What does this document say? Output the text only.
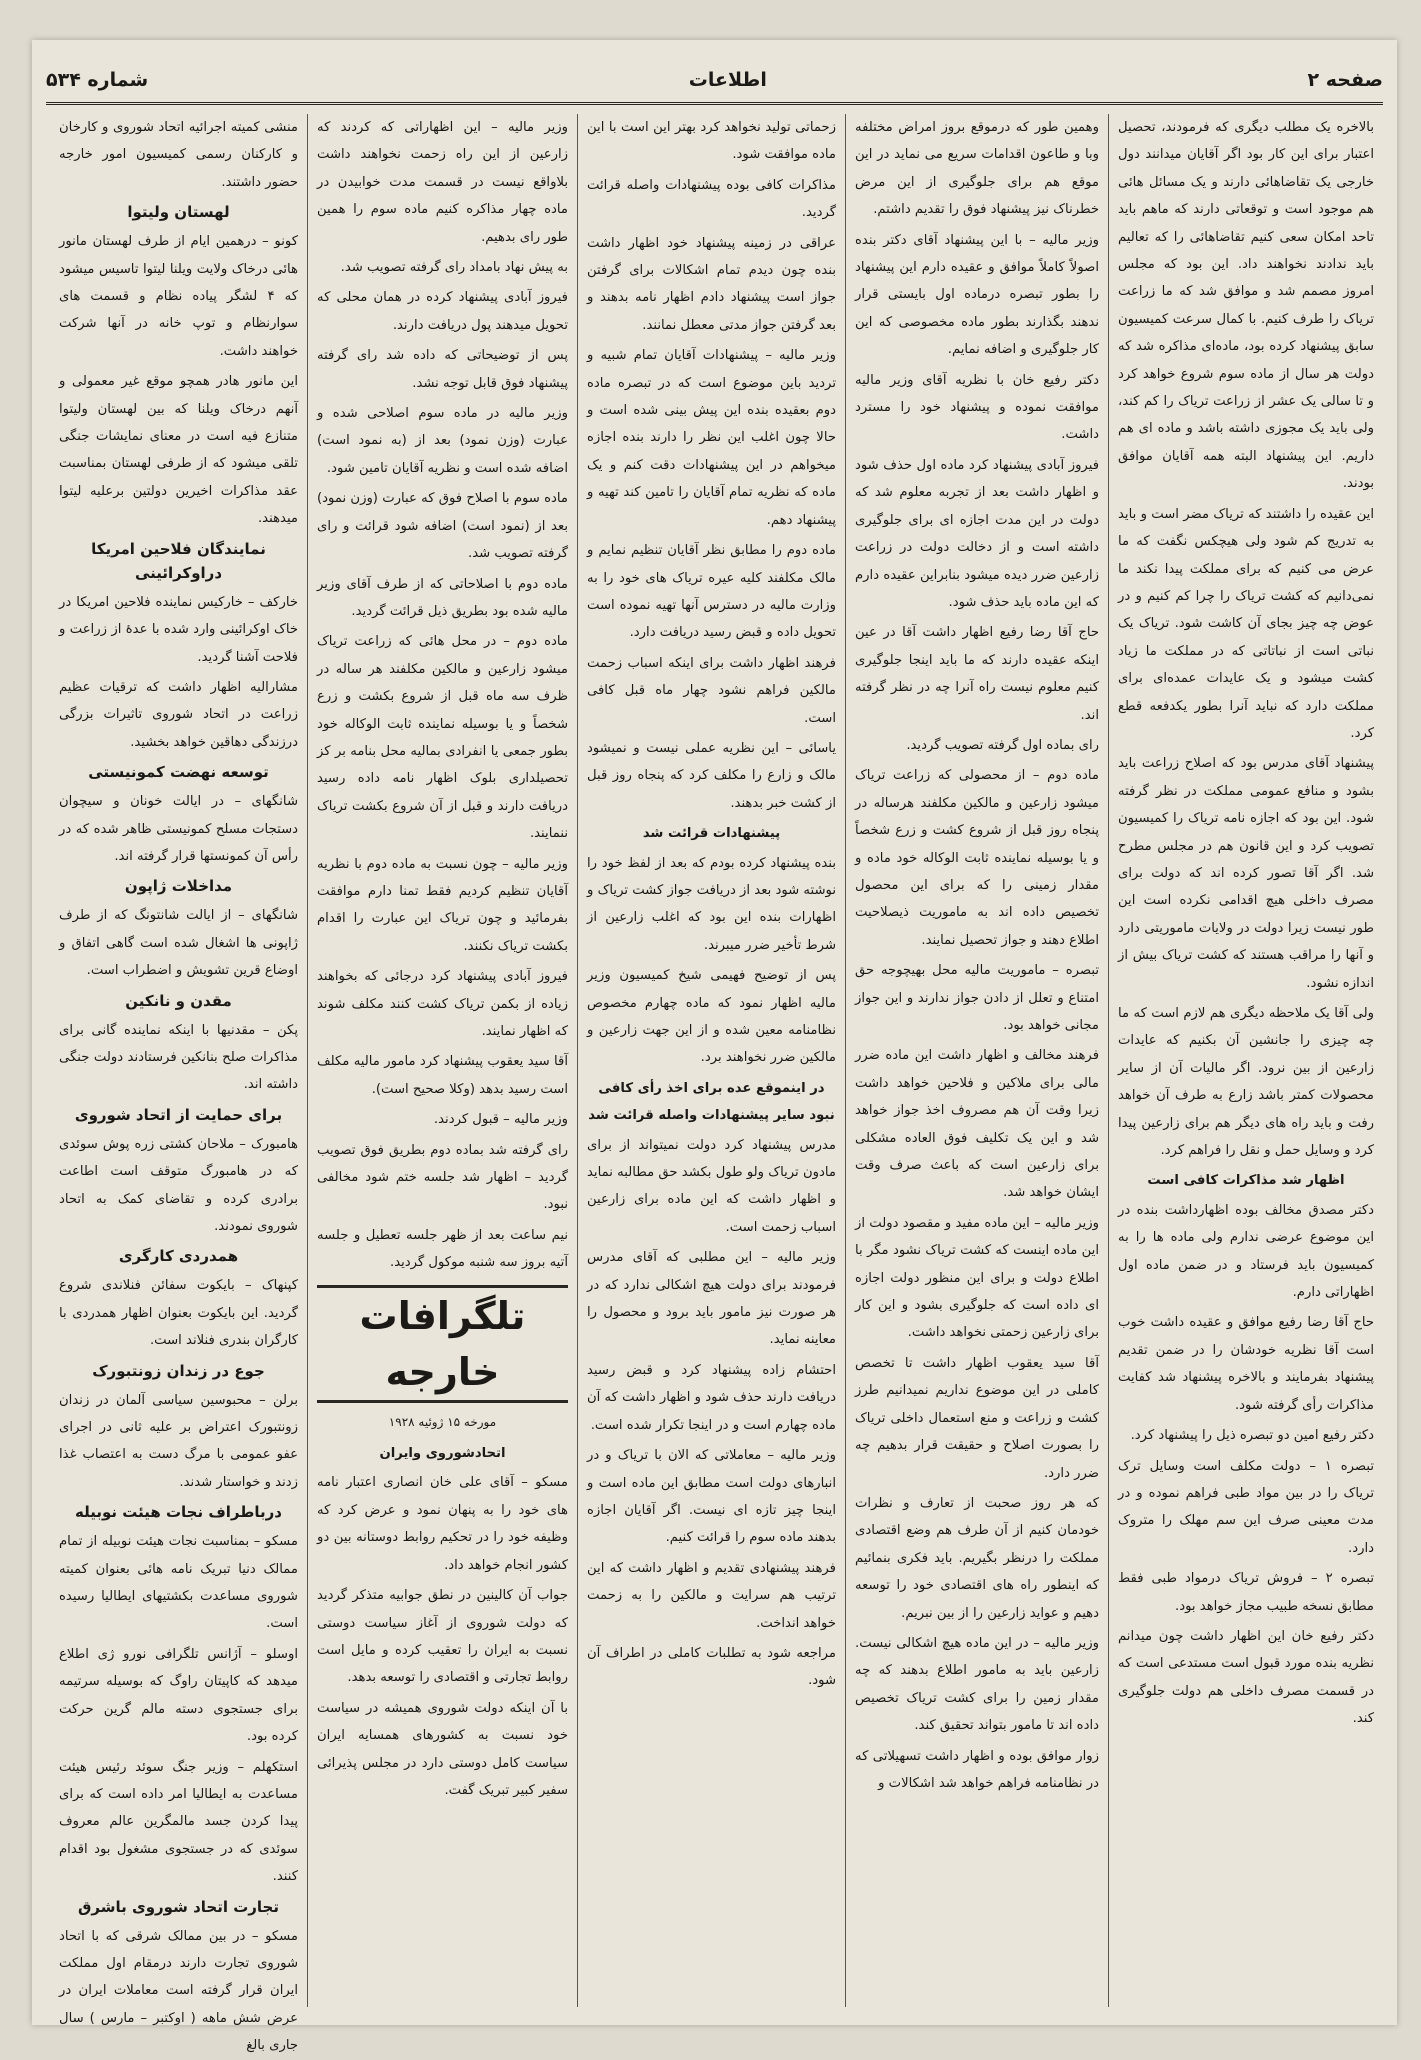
صفحه ۲
اطلاعات
شماره ۵۳۴

بالاخره یک مطلب دیگری که فرمودند، تحصیل اعتبار برای این کار بود اگر آقایان میدانند دول خارجی یک تقاضاهائی دارند و یک مسائل هائی هم موجود است و توقعاتی دارند که ماهم باید تاحد امکان سعی کنیم تقاضاهائی را که تعالیم باید ندادند نخواهند داد. این بود که مجلس امروز مصمم شد و موافق شد که ما زراعت تریاک را طرف کنیم. با کمال سرعت کمیسیون سابق پیشنهاد کرده بود، ماده‌ای مذاکره شد که دولت هر سال از ماده سوم شروع خواهد کرد و تا سالی یک عشر از زراعت تریاک را کم کند، ولی باید یک مجوزی داشته باشد و ماده ای هم داریم. این پیشنهاد البته همه آقایان موافق بودند.

این عقیده را داشتند که تریاک مضر است و باید به تدریج کم شود ولی هیچکس نگفت که ما عرض می کنیم که برای مملکت پیدا نکند ما نمی‌دانیم که کشت تریاک را چرا کم کنیم و در عوض چه چیز بجای آن کاشت شود. تریاک یک نباتی است از نباتاتی که در مملکت ما زیاد کشت میشود و یک عایدات عمده‌ای برای مملکت دارد که نباید آنرا بطور یکدفعه قطع کرد.

پیشنهاد آقای مدرس بود که اصلاح زراعت باید بشود و منافع عمومی مملکت در نظر گرفته شود. این بود که اجازه نامه تریاک را کمیسیون تصویب کرد و این قانون هم در مجلس مطرح شد. اگر آقا تصور کرده اند که دولت برای مصرف داخلی هیچ اقدامی نکرده است این طور نیست زیرا دولت در ولایات ماموریتی دارد و آنها را مراقب هستند که کشت تریاک بیش از اندازه نشود.

ولی آقا یک ملاحظه دیگری هم لازم است که ما چه چیزی را جانشین آن بکنیم که عایدات زارعین از بین نرود. اگر مالیات آن از سایر محصولات کمتر باشد زارع به طرف آن خواهد رفت و باید راه های دیگر هم برای زارعین پیدا کرد و وسایل حمل و نقل را فراهم کرد.

اظهار شد مذاکرات کافی است

دکتر مصدق مخالف بوده اظهارداشت بنده در این موضوع عرضی ندارم ولی ماده ها را به کمیسیون باید فرستاد و در ضمن ماده اول اظهاراتی دارم.

حاج آقا رضا رفیع موافق و عقیده داشت خوب است آقا نظریه خودشان را در ضمن تقدیم پیشنهاد بفرمایند و بالاخره پیشنهاد شد کفایت مذاکرات رأی گرفته شود.

دکتر رفیع امین دو تبصره ذیل را پیشنهاد کرد.

تبصره ۱ – دولت مکلف است وسایل ترک تریاک را در بین مواد طبی فراهم نموده و در مدت معینی صرف این سم مهلک را متروک دارد.

تبصره ۲ – فروش تریاک درمواد طبی فقط مطابق نسخه طبیب مجاز خواهد بود.

دکتر رفیع خان این اظهار داشت چون میدانم نظریه بنده مورد قبول است مستدعی است که در قسمت مصرف داخلی هم دولت جلوگیری کند.

وهمین طور که درموقع بروز امراض مختلفه وبا و طاعون اقدامات سریع می نماید در این موقع هم برای جلوگیری از این مرض خطرناک نیز پیشنهاد فوق را تقدیم داشتم.

وزیر مالیه – با این پیشنهاد آقای دکتر بنده اصولاً کاملاً موافق و عقیده دارم این پیشنهاد را بطور تبصره درماده اول بایستی قرار ندهند بگذارند بطور ماده مخصوصی که این کار جلوگیری و اضافه نمایم.

دکتر رفیع خان با نظریه آقای وزیر مالیه موافقت نموده و پیشنهاد خود را مسترد داشت.

فیروز آبادی پیشنهاد کرد ماده اول حذف شود و اظهار داشت بعد از تجربه معلوم شد که دولت در این مدت اجازه ای برای جلوگیری داشته است و از دخالت دولت در زراعت زارعین ضرر دیده میشود بنابراین عقیده دارم که این ماده باید حذف شود.

حاج آقا رضا رفیع اظهار داشت آقا در عین اینکه عقیده دارند که ما باید اینجا جلوگیری کنیم معلوم نیست راه آنرا چه در نظر گرفته اند.

رای بماده اول گرفته تصویب گردید.

ماده دوم – از محصولی که زراعت تریاک میشود زارعین و مالکین مکلفند هرساله در پنجاه روز قبل از شروع کشت و زرع شخصاً و یا بوسیله نماینده ثابت الوکاله خود ماده و مقدار زمینی را که برای این محصول تخصیص داده اند به ماموریت ذیصلاحیت اطلاع دهند و جواز تحصیل نمایند.

تبصره – ماموریت مالیه محل بهیچوجه حق امتناع و تعلل از دادن جواز ندارند و این جواز مجانی خواهد بود.

فرهند مخالف و اظهار داشت این ماده ضرر مالی برای ملاکین و فلاحین خواهد داشت زیرا وقت آن هم مصروف اخذ جواز خواهد شد و این یک تکلیف فوق العاده مشکلی برای زارعین است که باعث صرف وقت ایشان خواهد شد.

وزیر مالیه – این ماده مفید و مقصود دولت از این ماده اینست که کشت تریاک نشود مگر با اطلاع دولت و برای این منظور دولت اجازه ای داده است که جلوگیری بشود و این کار برای زارعین زحمتی نخواهد داشت.

آقا سید یعقوب اظهار داشت تا تخصص کاملی در این موضوع نداریم نمیدانیم طرز کشت و زراعت و منع استعمال داخلی تریاک را بصورت اصلاح و حقیقت قرار بدهیم چه ضرر دارد.

که هر روز صحبت از تعارف و نظرات خودمان کنیم از آن طرف هم وضع اقتصادی مملکت را درنظر بگیریم. باید فکری بنمائیم که اینطور راه های اقتصادی خود را توسعه دهیم و عواید زارعین را از بین نبریم.

وزیر مالیه – در این ماده هیچ اشکالی نیست. زارعین باید به مامور اطلاع بدهند که چه مقدار زمین را برای کشت تریاک تخصیص داده اند تا مامور بتواند تحقیق کند.

زوار موافق بوده و اظهار داشت تسهیلاتی که در نظامنامه فراهم خواهد شد اشکالات و

زحماتی تولید نخواهد کرد بهتر این است با این ماده موافقت شود.

مذاکرات کافی بوده پیشنهادات واصله قرائت گردید.

عراقی در زمینه پیشنهاد خود اظهار داشت بنده چون دیدم تمام اشکالات برای گرفتن جواز است پیشنهاد دادم اظهار نامه بدهند و بعد گرفتن جواز مدتی معطل نمانند.

وزیر مالیه – پیشنهادات آقایان تمام شبیه و تردید باین موضوع است که در تبصره ماده دوم بعقیده بنده این پیش بینی شده است و حالا چون اغلب این نظر را دارند بنده اجازه میخواهم در این پیشنهادات دقت کنم و یک ماده که نظریه تمام آقایان را تامین کند تهیه و پیشنهاد دهم.

ماده دوم را مطابق نظر آقایان تنظیم نمایم و مالک مکلفند کلیه عیره تریاک های خود را به وزارت مالیه در دسترس آنها تهیه نموده است تحویل داده و قبض رسید دریافت دارد.

فرهند اظهار داشت برای اینکه اسباب زحمت مالکین فراهم نشود چهار ماه قبل کافی است.

یاسائی – این نظریه عملی نیست و نمیشود مالک و زارع را مکلف کرد که پنجاه روز قبل از کشت خبر بدهند.

پیشنهادات قرائت شد

بنده پیشنهاد کرده بودم که بعد از لفظ خود را نوشته شود بعد از دریافت جواز کشت تریاک و اظهارات بنده این بود که اغلب زارعین از شرط تأخیر ضرر میبرند.

پس از توضیح فهیمی شیخ کمیسیون وزیر مالیه اظهار نمود که ماده چهارم مخصوص نظامنامه معین شده و از این جهت زارعین و مالکین ضرر نخواهند برد.

در اینموقع عده برای اخذ رأی کافی نبود سایر پیشنهادات واصله قرائت شد

مدرس پیشنهاد کرد دولت نمیتواند از برای مادون تریاک ولو طول بکشد حق مطالبه نماید و اظهار داشت که این ماده برای زارعین اسباب زحمت است.

وزیر مالیه – این مطلبی که آقای مدرس فرمودند برای دولت هیچ اشکالی ندارد که در هر صورت نیز مامور باید برود و محصول را معاینه نماید.

احتشام زاده پیشنهاد کرد و قبض رسید دریافت دارند حذف شود و اظهار داشت که آن ماده چهارم است و در اینجا تکرار شده است.

وزیر مالیه – معاملاتی که الان با تریاک و در انبارهای دولت است مطابق این ماده است و اینجا چیز تازه ای نیست. اگر آقایان اجازه بدهند ماده سوم را قرائت کنیم.

فرهند پیشنهادی تقدیم و اظهار داشت که این ترتیب هم سرایت و مالکین را به زحمت خواهد انداخت.

مراجعه شود به تطلبات کاملی در اطراف آن شود.

وزیر مالیه – این اظهاراتی که کردند که زارعین از این راه زحمت نخواهند داشت بلاواقع نیست در قسمت مدت خوابیدن در ماده چهار مذاکره کنیم ماده سوم را همین طور رای بدهیم.

به پیش نهاد بامداد رای گرفته تصویب شد.

فیروز آبادی پیشنهاد کرده در همان محلی که تحویل میدهند پول دریافت دارند.

پس از توضیحاتی که داده شد رای گرفته پیشنهاد فوق قابل توجه نشد.

وزیر مالیه در ماده سوم اصلاحی شده و عبارت (وزن نمود) بعد از (به نمود است) اضافه شده است و نظریه آقایان تامین شود.

ماده سوم با اصلاح فوق که عبارت (وزن نمود) بعد از (نمود است) اضافه شود قرائت و رای گرفته تصویب شد.

ماده دوم با اصلاحاتی که از طرف آقای وزیر مالیه شده بود بطریق ذیل قرائت گردید.

ماده دوم – در محل هائی که زراعت تریاک میشود زارعین و مالکین مکلفند هر ساله در ظرف سه ماه قبل از شروع بکشت و زرع شخصاً و یا بوسیله نماینده ثابت الوکاله خود بطور جمعی یا انفرادی بمالیه محل بنامه بر کز تحصیلداری بلوک اظهار نامه داده رسید دریافت دارند و قبل از آن شروع بکشت تریاک ننمایند.

وزیر مالیه – چون نسبت به ماده دوم با نظریه آقایان تنظیم کردیم فقط تمنا دارم موافقت بفرمائید و چون تریاک این عبارت را اقدام بکشت تریاک نکنند.

فیروز آبادی پیشنهاد کرد درجائی که بخواهند زیاده از بکمن تریاک کشت کنند مکلف شوند که اظهار نمایند.

آقا سید یعقوب پیشنهاد کرد مامور مالیه مکلف است رسید بدهد (وکلا صحیح است).

وزیر مالیه – قبول کردند.

رای گرفته شد بماده دوم بطریق فوق تصویب گردید – اظهار شد جلسه ختم شود مخالفی نبود.

نیم ساعت بعد از ظهر جلسه تعطیل و جلسه آتیه بروز سه شنبه موکول گردید.

تلگرافات خارجه

مورخه ۱۵ ژوئیه ۱۹۲۸

اتحادشوروی وایران

مسکو – آقای علی خان انصاری اعتبار نامه های خود را به پنهان نمود و عرض کرد که وظیفه خود را در تحکیم روابط دوستانه بین دو کشور انجام خواهد داد.

جواب آن کالینین در نطق جوابیه متذکر گردید که دولت شوروی از آغاز سیاست دوستی نسبت به ایران را تعقیب کرده و مایل است روابط تجارتی و اقتصادی را توسعه بدهد.

با آن اینکه دولت شوروی همیشه در سیاست خود نسبت به کشورهای همسایه ایران سیاست کامل دوستی دارد در مجلس پذیرائی سفیر کبیر تبریک گفت.

منشی کمیته اجرائیه اتحاد شوروی و کارخان و کارکنان رسمی کمیسیون امور خارجه حضور داشتند.

لهستان ولیتوا

کونو – درهمین ایام از طرف لهستان مانور هائی درخاک ولایت ویلنا لیتوا تاسیس میشود که ۴ لشگر پیاده نظام و قسمت های سوارنظام و توپ خانه در آنها شرکت خواهند داشت.

این مانور هادر همچو موقع غیر معمولی و آنهم درخاک ویلنا که بین لهستان ولیتوا متنازع فیه است در معنای نمایشات جنگی تلقی میشود که از طرفی لهستان بمناسبت عقد مذاکرات اخیرین دولتین برعلیه لیتوا میدهند.

نمایندگان فلاحین امریکا دراوکرائینی

خارکف – خارکیس نماینده فلاحین امریکا در خاک اوکرائینی وارد شده با عدۀ از زراعت و فلاحت آشنا گردید.

مشارالیه اظهار داشت که ترقیات عظیم زراعت در اتحاد شوروی تاثیرات بزرگی درزندگی دهاقین خواهد بخشید.

توسعه نهضت کمونیستی

شانگهای – در ایالت خونان و سیچوان دستجات مسلح کمونیستی ظاهر شده که در رأس آن کمونستها قرار گرفته اند.

مداخلات ژاپون

شانگهای – از ایالت شانتونگ که از طرف ژاپونی ها اشغال شده است گاهی اتفاق و اوضاع قرین تشویش و اضطراب است.

مقدن و نانکین

پکن – مقدنیها با اینکه نماینده گانی برای مذاکرات صلح بنانکین فرستادند دولت جنگی داشته اند.

برای حمایت از اتحاد شوروی

هامبورک – ملاحان کشتی زره پوش سوئدی که در هامبورگ متوقف است اطاعت برادری کرده و تقاضای کمک به اتحاد شوروی نمودند.

همدردی کارگری

کپنهاک – بایکوت سفائن فنلاندی شروع گردید. این بایکوت بعنوان اظهار همدردی با کارگران بندری فنلاند است.

جوع در زندان زونتبورک

برلن – محبوسین سیاسی آلمان در زندان زونتبورک اعتراض بر علیه ثانی در اجرای عفو عمومی با مرگ دست به اعتصاب غذا زدند و خواستار شدند.

درباطراف نجات هیئت نوبیله

مسکو – بمناسبت نجات هیئت نوبیله از تمام ممالک دنیا تبریک نامه هائی بعنوان کمیته شوروی مساعدت بکشتیهای ایطالیا رسیده است.

اوسلو – آژانس تلگرافی نورو ژی اطلاع میدهد که کاپیتان راوگ که بوسیله سرتیمه برای جستجوی دسته مالم گرین حرکت کرده بود.

استکهلم – وزیر جنگ سوئد رئیس هیئت مساعدت به ایطالیا امر داده است که برای پیدا کردن جسد مالمگرین عالم معروف سوئدی که در جستجوی مشغول بود اقدام کنند.

تجارت اتحاد شوروی باشرق

مسکو – در بین ممالک شرقی که با اتحاد شوروی تجارت دارند درمقام اول مملکت ایران قرار گرفته است معاملات ایران در عرض شش ماهه ( اوکتبر – مارس ) سال جاری بالغ
